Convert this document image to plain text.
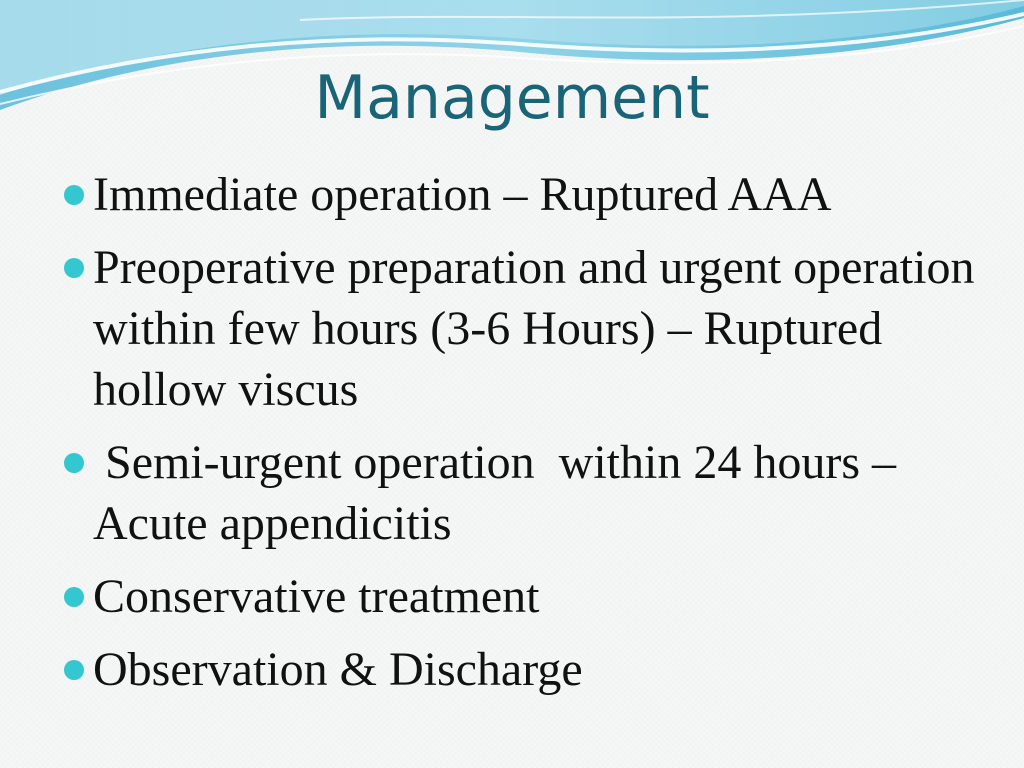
Management
Immediate operation – Ruptured AAA
Preoperative preparation and urgent operation within few hours (3-6 Hours) – Ruptured hollow viscus
Semi-urgent operation  within 24 hours – Acute appendicitis
Conservative treatment
Observation & Discharge
